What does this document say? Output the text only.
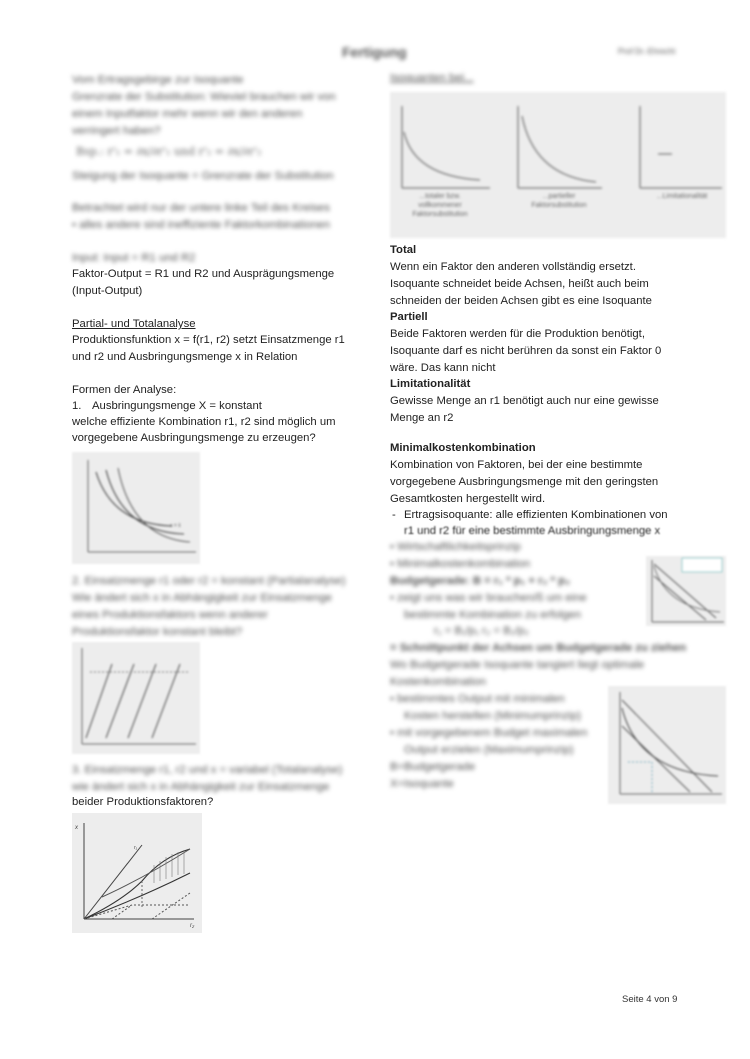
Fertigung	Prof Dr.-Ehrecht
Vom Ertragsgebirge zur Isoquante
Grenzrate der Substitution: Wieviel brauchen wir von
einem Inputfaktor mehr wenn wir den anderen
verringert haben?
Bsp.: r'₁ = ∂x/∂r'₁ und r'₂ = ∂x/∂r'₂
Steigung der Isoquante = Grenzrate der Substitution
Betrachtet wird nur der untere linke Teil des Kreises
• alles andere sind ineffiziente Faktorkombinationen
Input: Input = R1 und R2
Faktor-Output = R1 und R2 und Ausprägungsmenge
(Input-Output)
Partial- und Totalanalyse
Produktionsfunktion x = f(r1, r2) setzt Einsatzmenge r1
und r2 und Ausbringungsmenge x in Relation
Formen der Analyse:
1. Ausbringungsmenge X = konstant
welche effiziente Kombination r1, r2 sind möglich um
vorgegebene Ausbringungsmenge zu erzeugen?
x = x̄
2. Einsatzmenge r1 oder r2 = konstant (Partialanalyse)
Wie ändert sich x in Abhängigkeit zur Einsatzmenge
eines Produktionsfaktors wenn anderer
Produktionsfaktor konstant bleibt?
3. Einsatzmenge r1, r2 und x = variabel (Totalanalyse)
wie ändert sich x in Abhängigkeit zur Einsatzmenge
beider Produktionsfaktoren?
x
r₂
r₁
Isoquanten bei...
...totaler bzw. vollkommener Faktorsubstitution
...partieller Faktorsubstitution
...Limitationalität
Total
Wenn ein Faktor den anderen vollständig ersetzt.
Isoquante schneidet beide Achsen, heißt auch beim
schneiden der beiden Achsen gibt es eine Isoquante
Partiell
Beide Faktoren werden für die Produktion benötigt,
Isoquante darf es nicht berühren da sonst ein Faktor 0
wäre. Das kann nicht
Limitationalität
Gewisse Menge an r1 benötigt auch nur eine gewisse
Menge an r2
Minimalkostenkombination
Kombination von Faktoren, bei der eine bestimmte
vorgegebene Ausbringungsmenge mit den geringsten
Gesamtkosten hergestellt wird.
- Ertragsisoquante: alle effizienten Kombinationen von
r1 und r2 für eine bestimmte Ausbringungsmenge x
• Wirtschaftlichkeitsprinzip
• Minimalkostenkombination
Budgetgerade: B = r₁ * p₁ + r₂ * p₂
• zeigt uns was wir brauchen/ß um eine
bestimmte Kombination zu erfolgen
r₁ = B₁/p₁ r₂ = B₂/p₂
= Schnittpunkt der Achsen um Budgetgerade zu ziehen
Wo Budgetgerade Isoquante tangiert liegt optimale
Kostenkombination
• bestimmtes Output mit minimalen
Kosten herstellen (Minimumprinzip)
• mit vorgegebenem Budget maximalen
Output erzielen (Maximumprinzip)
B=Budgetgerade
X=Isoquante
Seite 4 von 9
